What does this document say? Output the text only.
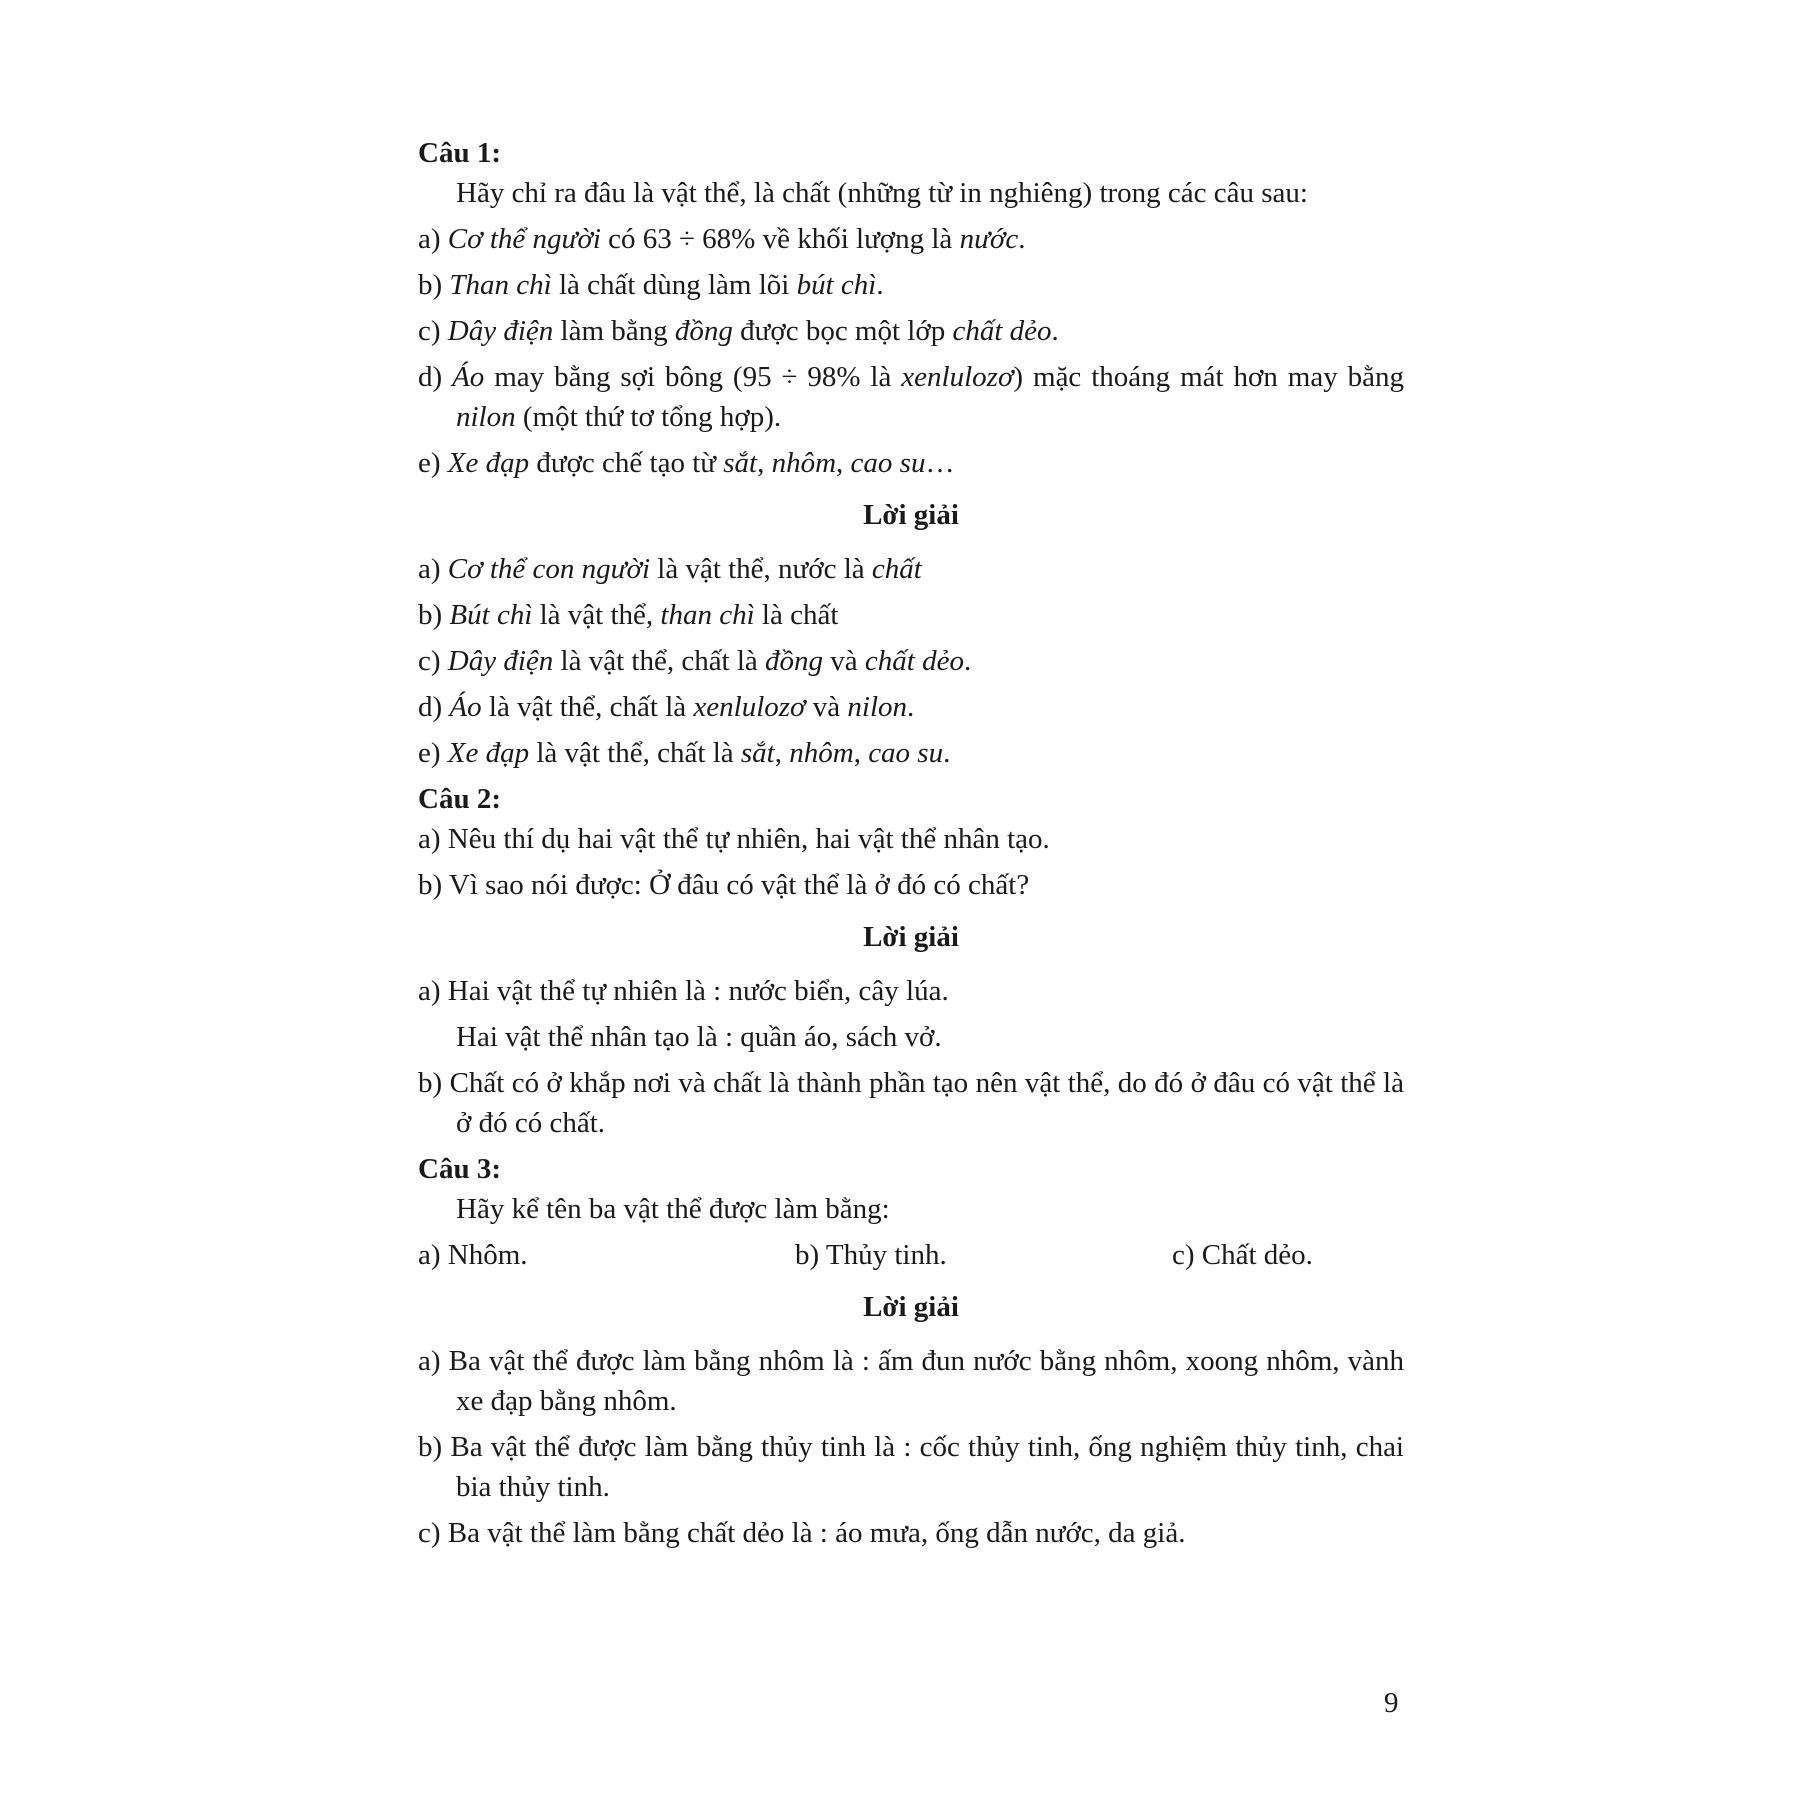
Câu 1:
Hãy chỉ ra đâu là vật thể, là chất (những từ in nghiêng) trong các câu sau:
a) Cơ thể người có 63 ÷ 68% về khối lượng là nước.
b) Than chì là chất dùng làm lõi bút chì.
c) Dây điện làm bằng đồng được bọc một lớp chất dẻo.
d) Áo may bằng sợi bông (95 ÷ 98% là xenlulozơ) mặc thoáng mát hơn may bằng nilon (một thứ tơ tổng hợp).
e) Xe đạp được chế tạo từ sắt, nhôm, cao su…
Lời giải
a) Cơ thể con người là vật thể, nước là chất
b) Bút chì là vật thể, than chì là chất
c) Dây điện là vật thể, chất là đồng và chất dẻo.
d) Áo là vật thể, chất là xenlulozơ và nilon.
e) Xe đạp là vật thể, chất là sắt, nhôm, cao su.
Câu 2:
a) Nêu thí dụ hai vật thể tự nhiên, hai vật thể nhân tạo.
b) Vì sao nói được: Ở đâu có vật thể là ở đó có chất?
Lời giải
a) Hai vật thể tự nhiên là : nước biển, cây lúa.
Hai vật thể nhân tạo là : quần áo, sách vở.
b) Chất có ở khắp nơi và chất là thành phần tạo nên vật thể, do đó ở đâu có vật thể là ở đó có chất.
Câu 3:
Hãy kể tên ba vật thể được làm bằng:
a) Nhôm.	b) Thủy tinh.	c) Chất dẻo.
Lời giải
a) Ba vật thể được làm bằng nhôm là : ấm đun nước bằng nhôm, xoong nhôm, vành xe đạp bằng nhôm.
b) Ba vật thể được làm bằng thủy tinh là : cốc thủy tinh, ống nghiệm thủy tinh, chai bia thủy tinh.
c) Ba vật thể làm bằng chất dẻo là : áo mưa, ống dẫn nước, da giả.
9
